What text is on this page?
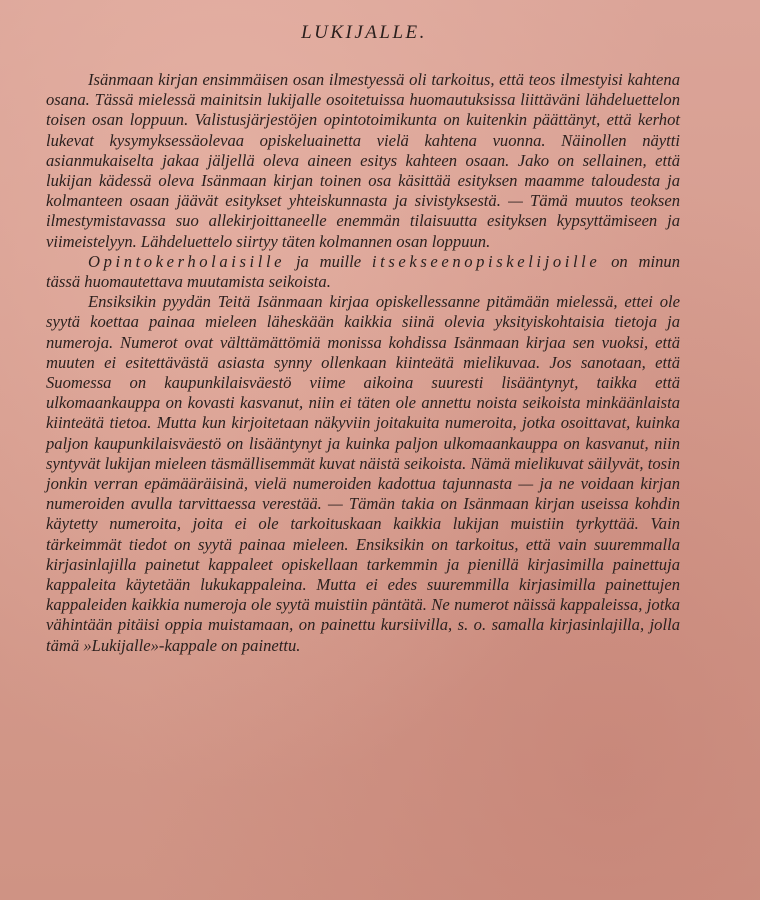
LUKIJALLE.

Isänmaan kirjan ensimmäisen osan ilmestyessä oli tarkoitus, että teos ilmestyisi kahtena osana. Tässä mielessä mainitsin lukijalle osoitetuissa huomautuksissa liittäväni lähdeluettelon toisen osan loppuun. Valistusjärjestöjen opintotoimikunta on kuitenkin päättänyt, että kerhot lukevat kysymyksessäolevaa opiskeluainetta vielä kahtena vuonna. Näinollen näytti asianmukaiselta jakaa jäljellä oleva aineen esitys kahteen osaan. Jako on sellainen, että lukijan kädessä oleva Isänmaan kirjan toinen osa käsittää esityksen maamme taloudesta ja kolmanteen osaan jäävät esitykset yhteiskunnasta ja sivistyksestä. — Tämä muutos teoksen ilmestymistavassa suo allekirjoittaneelle enemmän tilaisuutta esityksen kypsyttämiseen ja viimeistelyyn. Lähdeluettelo siirtyy täten kolmannen osan loppuun.

Opintokerholaisille ja muille itsekseenopiskelijoille on minun tässä huomautettava muutamista seikoista.

Ensiksikin pyydän Teitä Isänmaan kirjaa opiskellessanne pitämään mielessä, ettei ole syytä koettaa painaa mieleen läheskään kaikkia siinä olevia yksityiskohtaisia tietoja ja numeroja. Numerot ovat välttämättömiä monissa kohdissa Isänmaan kirjaa sen vuoksi, että muuten ei esitettävästä asiasta synny ollenkaan kiinteätä mielikuvaa. Jos sanotaan, että Suomessa on kaupunkilaisväestö viime aikoina suuresti lisääntynyt, taikka että ulkomaankauppa on kovasti kasvanut, niin ei täten ole annettu noista seikoista minkäänlaista kiinteätä tietoa. Mutta kun kirjoitetaan näkyviin joitakuita numeroita, jotka osoittavat, kuinka paljon kaupunkilaisväestö on lisääntynyt ja kuinka paljon ulkomaankauppa on kasvanut, niin syntyvät lukijan mieleen täsmällisemmät kuvat näistä seikoista. Nämä mielikuvat säilyvät, tosin jonkin verran epämääräisinä, vielä numeroiden kadottua tajunnasta — ja ne voidaan kirjan numeroiden avulla tarvittaessa verestää. — Tämän takia on Isänmaan kirjan useissa kohdin käytetty numeroita, joita ei ole tarkoituskaan kaikkia lukijan muistiin tyrkyttää. Vain tärkeimmät tiedot on syytä painaa mieleen. Ensiksikin on tarkoitus, että vain suuremmalla kirjasinlajilla painetut kappaleet opiskellaan tarkemmin ja pienillä kirjasimilla painettuja kappaleita käytetään lukukappaleina. Mutta ei edes suuremmilla kirjasimilla painettujen kappaleiden kaikkia numeroja ole syytä muistiin päntätä. Ne numerot näissä kappaleissa, jotka vähintään pitäisi oppia muistamaan, on painettu kursiivilla, s. o. samalla kirjasinlajilla, jolla tämä »Lukijalle»-kappale on painettu.
